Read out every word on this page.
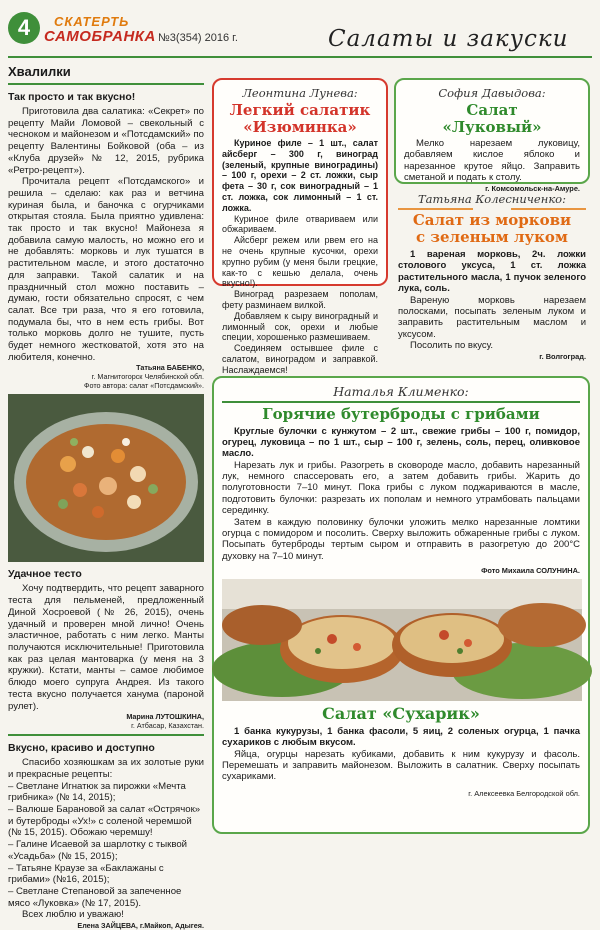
4	СКАТЕРТЬ
САМОБРАНКА №3(354) 2016 г.	Салаты и закуски
Хвалилки
Так просто и так вкусно!

Приготовила два салатика: «Секрет» по рецепту Майи Ломовой – свекольный с чесноком и майонезом и «Потсдамский» по рецепту Валентины Бойковой (оба – из «Клуба друзей» № 12, 2015, рубрика «Ретро-рецепт»).

Прочитала рецепт «Потсдамского» и решила – сделаю: как раз и ветчина куриная была, и баночка с огурчиками открытая стояла. Была приятно удивлена: так просто и так вкусно! Майонеза я добавила самую малость, но можно его и не добавлять: морковь и лук тушатся в растительном масле, и этого достаточно для заправки. Такой салатик и на праздничный стол можно поставить – думаю, гости обязательно спросят, с чем салат. Все три раза, что я его готовила, подумала бы, что в нем есть грибы. Вот только морковь долго не тушите, пусть будет немного жестковатой, хотя это на любителя, конечно.

Татьяна БАБЕНКО,
г. Магнитогорск Челябинской обл.
Фото автора: салат «Потсдамский».
Удачное тесто

Хочу подтвердить, что рецепт заварного теста для пельменей, предложенный Диной Хосроевой (№ 26, 2015), очень удачный и проверен мной лично! Очень эластичное, работать с ним легко. Манты получаются исключительные! Приготовила как раз целая мантоварка (у меня на 3 кружки). Кстати, манты – самое любимое блюдо моего супруга Андрея. Из такого теста вкусно получается ханума (пароной рулет).

Марина ЛУТОШКИНА,
г. Атбасар, Казахстан.
Вкусно, красиво и доступно

Спасибо хозяюшкам за их золотые руки и прекрасные рецепты:

– Светлане Игнатюк за пирожки «Мечта грибника» (№ 14, 2015);
– Валюше Барановой за салат «Острячок» и бутерброды «Ух!» с соленой черемшой (№ 15, 2015). Обожаю черемшу!
– Галине Исаевой за шарлотку с тыквой «Усадьба» (№ 15, 2015);
– Татьяне Краузе за «Баклажаны с грибами» (№16, 2015);
– Светлане Степановой за запеченное мясо «Луковка» (№ 17, 2015).

Всех люблю и уважаю!

Елена ЗАЙЦЕВА, г.Майкоп, Адыгея.
Леонтина Лунева:
Легкий салатик
«Изюминка»

Куриное филе – 1 шт., салат айсберг – 300 г, виноград (зеленый, крупные виноградины) – 100 г, орехи – 2 ст. ложки, сыр фета – 30 г, сок виноградный – 1 ст. ложка, сок лимонный – 1 ст. ложка.

Куриное филе отвариваем или обжариваем.

Айсберг режем или рвем его на не очень крупные кусочки, орехи крупно рубим (у меня были грецкие, как-то с кешью делала, очень вкусно!).

Виноград разрезаем пополам, фету разминаем вилкой.

Добавляем к сыру виноградный и лимонный сок, орехи и любые специи, хорошенько размешиваем.

Соединяем остывшее филе с салатом, виноградом и заправкой. Наслаждаемся!

София Давыдова:
Салат
«Луковый»

Мелко нарезаем луковицу, добавляем кислое яблоко и нарезанное крутое яйцо. Заправить сметаной и подать к столу.

г. Комсомольск-на-Амуре.
Татьяна Колесниченко:
Салат из моркови
с зеленым луком

1 вареная морковь, 2ч. ложки столового уксуса, 1 ст. ложка растительного масла, 1 пучок зеленого лука, соль.

Вареную морковь нарезаем полосками, посыпать зеленым луком и заправить растительным маслом и уксусом.

Посолить по вкусу.

г. Волгоград.
Наталья Клименко:
Горячие бутерброды с грибами

Круглые булочки с кунжутом – 2 шт., свежие грибы – 100 г, помидор, огурец, луковица – по 1 шт., сыр – 100 г, зелень, соль, перец, оливковое масло.

Нарезать лук и грибы. Разогреть в сковороде масло, добавить нарезанный лук, немного спассеровать его, а затем добавить грибы. Жарить до полуготовности 7–10 минут. Пока грибы с луком поджариваются в масле, подготовить булочки: разрезать их пополам и немного утрамбовать пальцами серединку.

Затем в каждую половинку булочки уложить мелко нарезанные ломтики огурца с помидором и посолить. Сверху выложить обжаренные грибы с луком. Посыпать бутерброды тертым сыром и отправить в разогретую до 200°С духовку на 7–10 минут.

Фото Михаила СОЛУНИНА.
Салат «Сухарик»

1 банка кукурузы, 1 банка фасоли, 5 яиц, 2 соленых огурца, 1 пачка сухариков с любым вкусом.

Яйца, огурцы нарезать кубиками, добавить к ним кукурузу и фасоль. Перемешать и заправить майонезом. Выложить в салатник. Сверху посыпать сухариками.

г. Алексеевка Белгородской обл.
